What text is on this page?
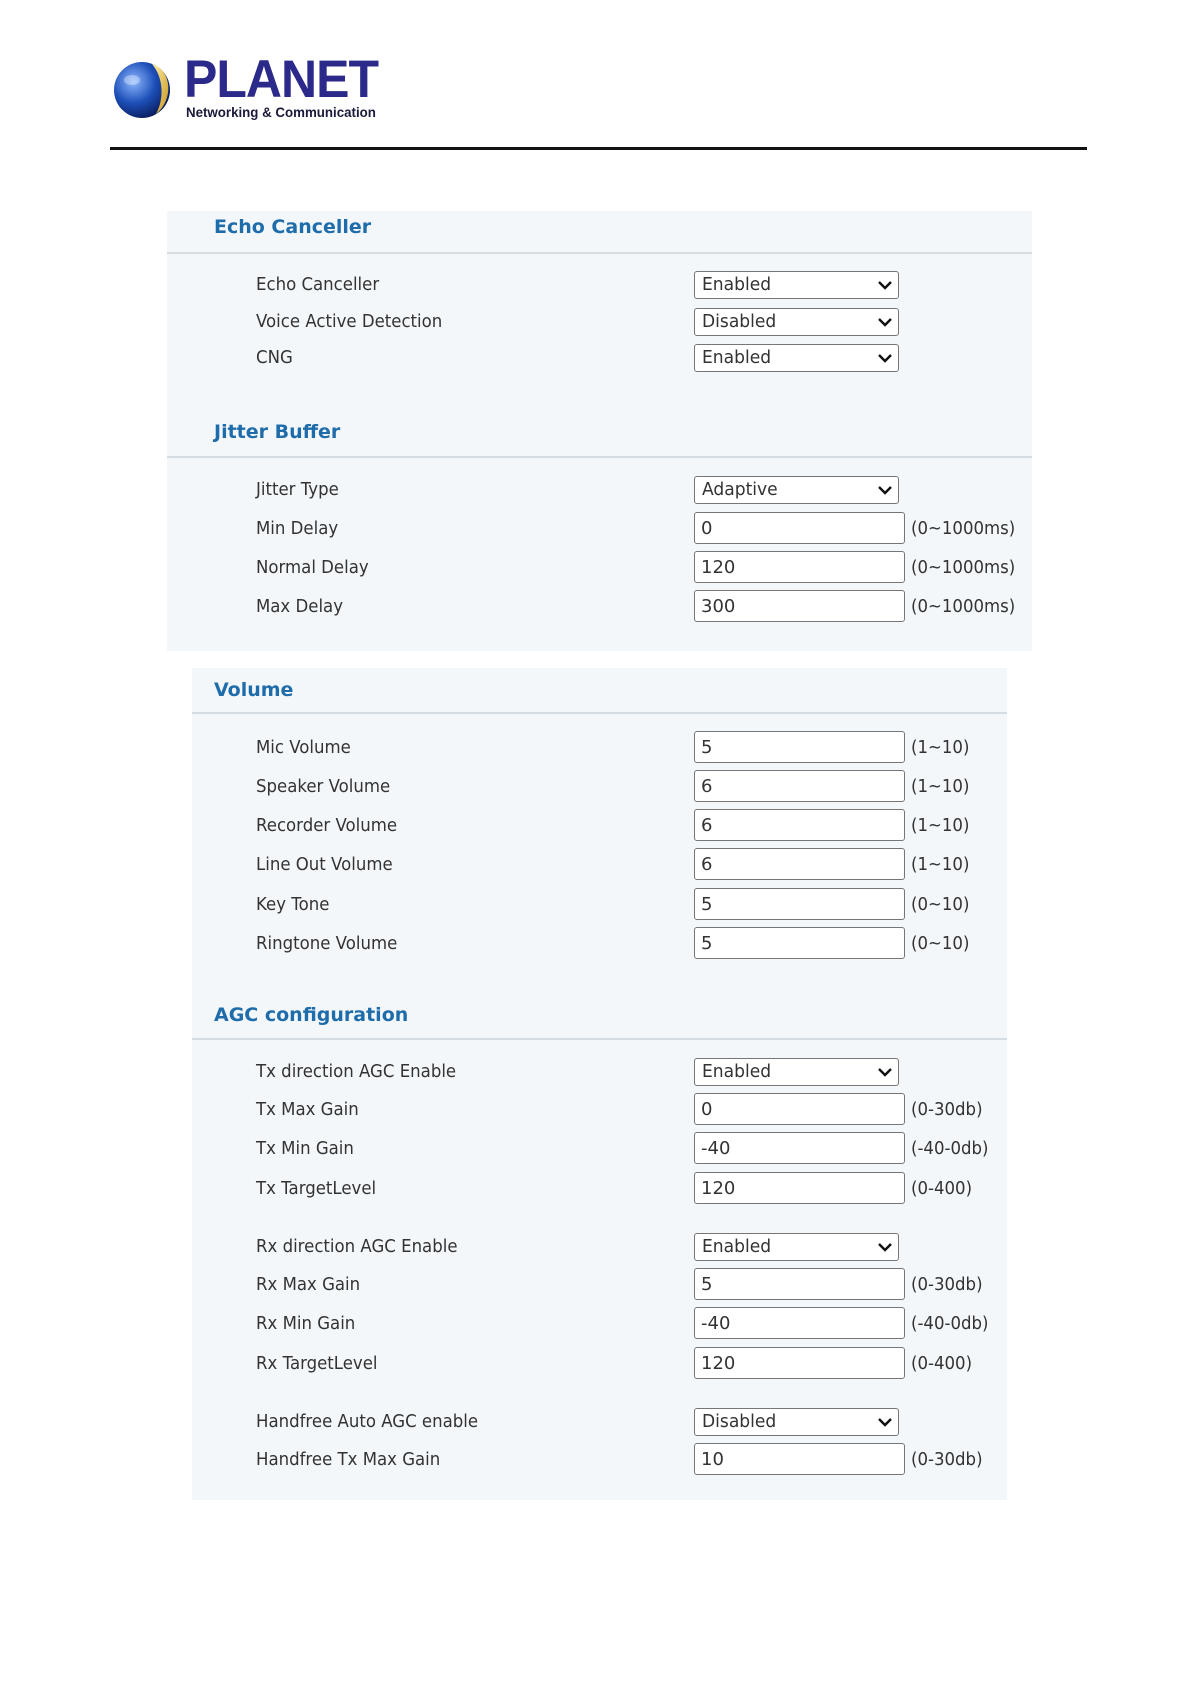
PLANET
Networking & Communication
Echo Canceller
Echo Canceller	Enabled
Voice Active Detection	Disabled
CNG	Enabled
Jitter Buffer
Jitter Type	Adaptive
Min Delay	0	(0~1000ms)
Normal Delay	120	(0~1000ms)
Max Delay	300	(0~1000ms)
Volume
Mic Volume	5	(1~10)
Speaker Volume	6	(1~10)
Recorder Volume	6	(1~10)
Line Out Volume	6	(1~10)
Key Tone	5	(0~10)
Ringtone Volume	5	(0~10)
AGC configuration
Tx direction AGC Enable	Enabled
Tx Max Gain	0	(0-30db)
Tx Min Gain	-40	(-40-0db)
Tx TargetLevel	120	(0-400)
Rx direction AGC Enable	Enabled
Rx Max Gain	5	(0-30db)
Rx Min Gain	-40	(-40-0db)
Rx TargetLevel	120	(0-400)
Handfree Auto AGC enable	Disabled
Handfree Tx Max Gain	10	(0-30db)
